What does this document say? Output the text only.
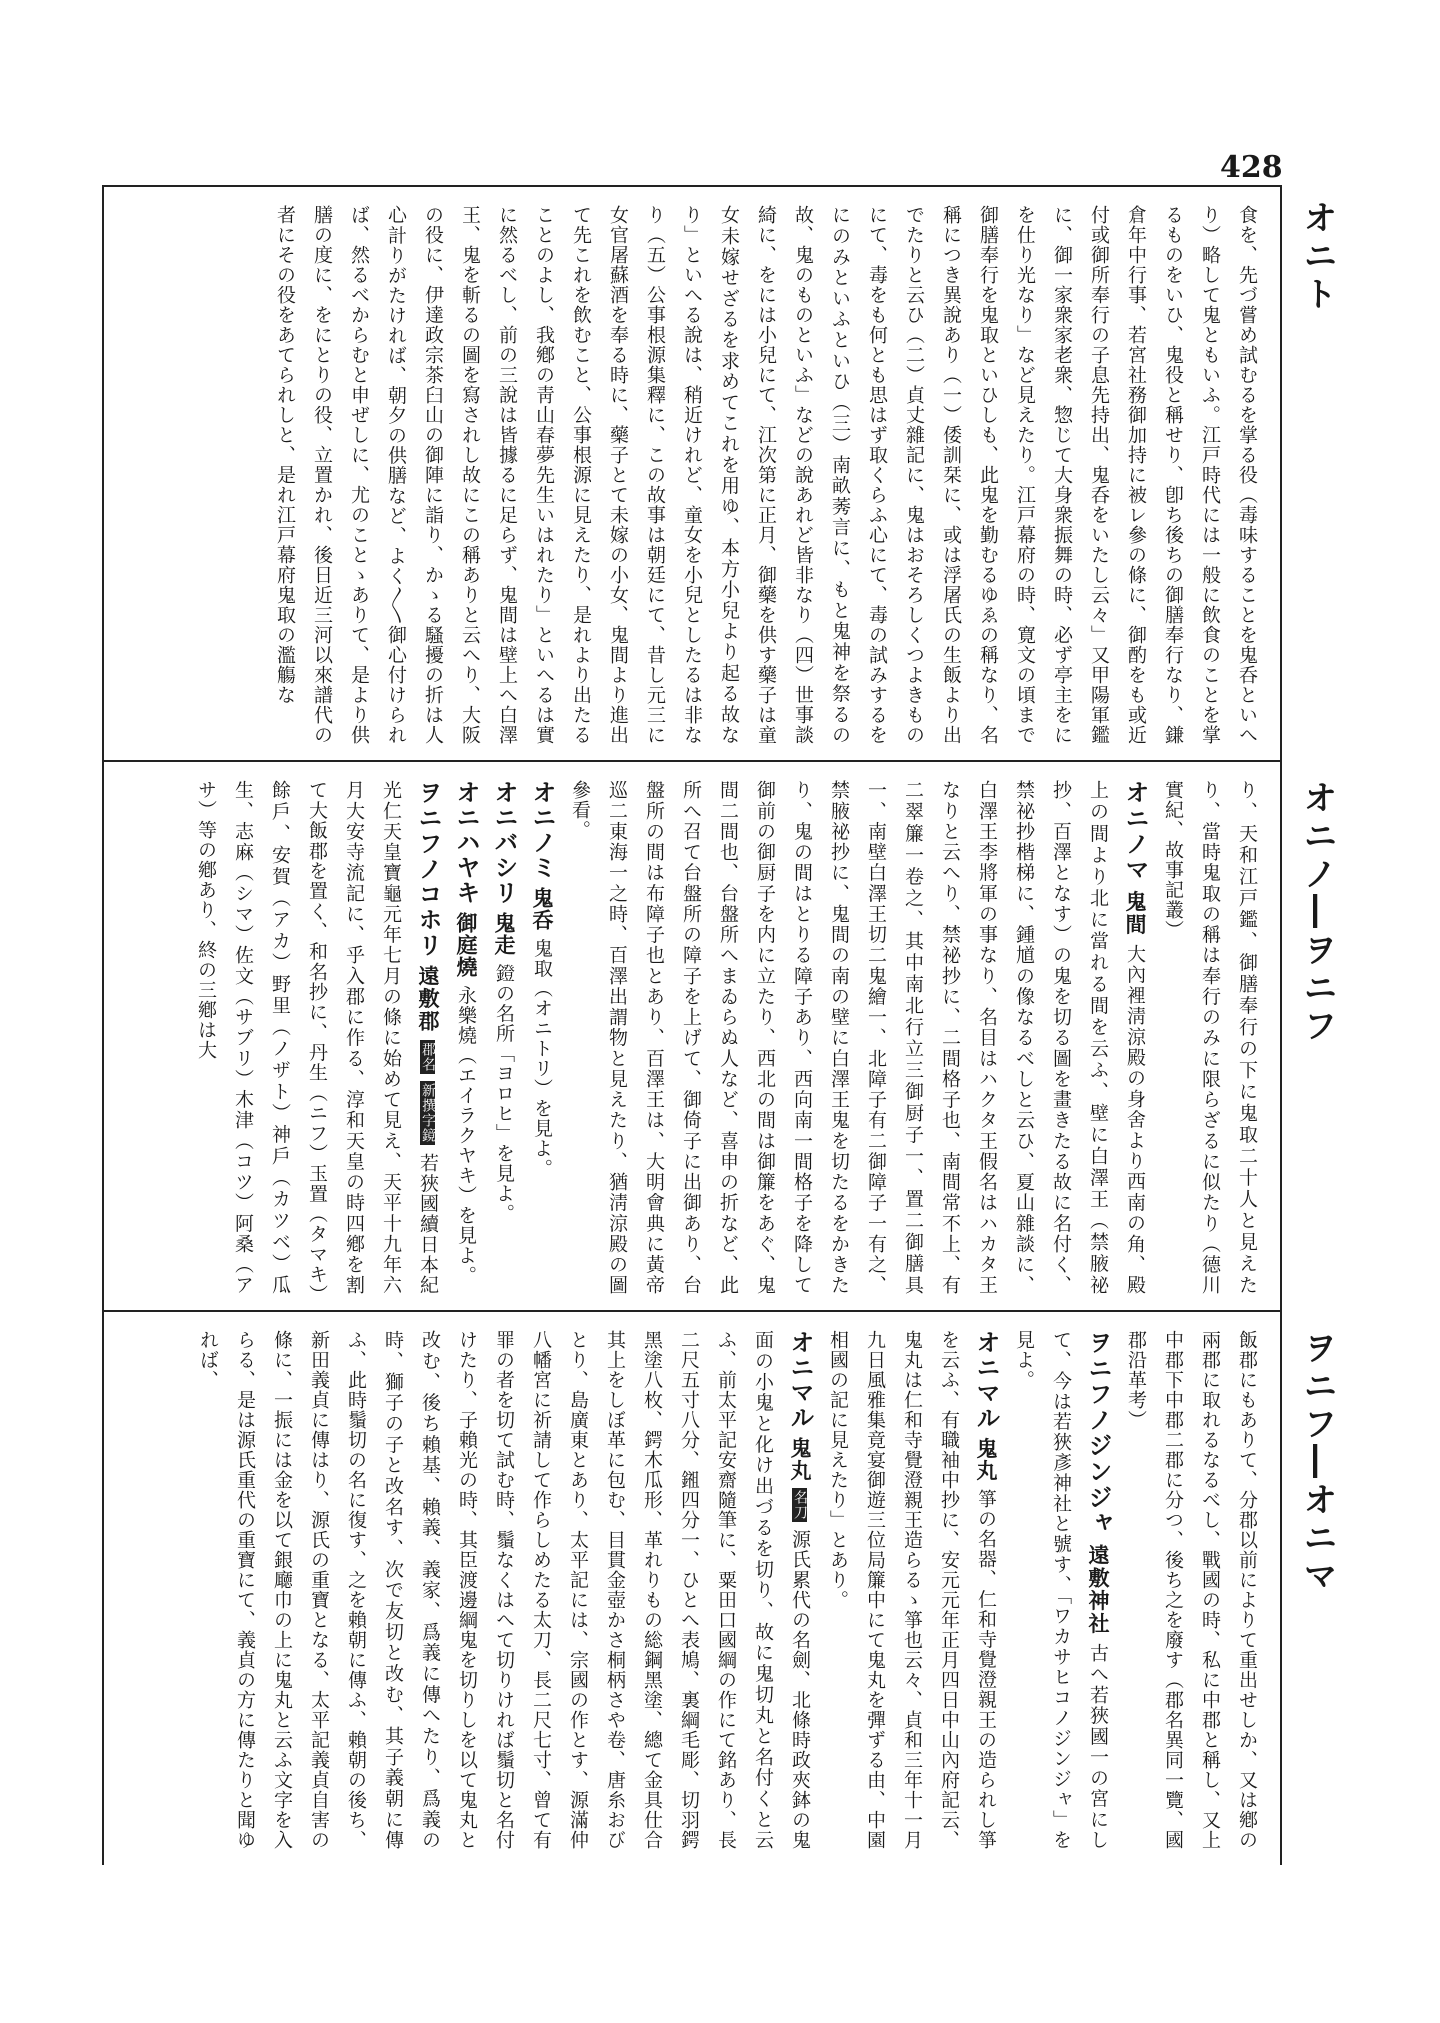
428
オニト
オニノ―ヲニフ
ヲニフ―オニマ

食を、先づ嘗め試むるを掌る役（毒味することを鬼呑といへり）略して鬼ともいふ。江戸時代には一般に飲食のことを掌るものをいひ、鬼役と稱せり、卽ち後ちの御膳奉行なり、鎌倉年中行事、若宮社務御加持に被レ參の條に、御酌をも或近付或御所奉行の子息先持出、鬼呑をいたし云々」又甲陽軍鑑に、御一家衆家老衆、惣じて大身衆振舞の時、必ず亭主をにを仕り光なり」など見えたり。江戸幕府の時、寛文の頃まで御膳奉行を鬼取といひしも、此鬼を勤むるゆゑの稱なり、名稱につき異說あり（一）倭訓栞に、或は浮屠氏の生飯より出でたりと云ひ（二）貞丈雜記に、鬼はおそろしくつよきものにて、毒をも何とも思はず取くらふ心にて、毒の試みするをにのみといふといひ（三）南畝莠言に、もと鬼神を祭るの故、鬼のものといふ」などの說あれど皆非なり（四）世事談綺に、をには小兒にて、江次第に正月、御藥を供す藥子は童女未嫁せざるを求めてこれを用ゆ、本方小兒より起る故なり」といへる說は、稍近けれど、童女を小兒としたるは非なり（五）公事根源集釋に、この故事は朝廷にて、昔し元三に女官屠蘇酒を奉る時に、藥子とて未嫁の小女、鬼間より進出て先これを飲むこと、公事根源に見えたり、是れより出たることのよし、我鄕の靑山春夢先生いはれたり」といへるは實に然るべし、前の三說は皆據るに足らず、鬼間は壁上へ白澤王、鬼を斬るの圖を寫されし故にこの稱ありと云へり、大阪の役に、伊達政宗茶臼山の御陣に詣り、かゝる騷擾の折は人心計りがたければ、朝夕の供膳など、よく〳〵御心付けられば、然るべからむと申ぜしに、尤のことゝありて、是より供膳の度に、をにとりの役、立置かれ、後日近三河以來譜代の者にその役をあてられしと、是れ江戸幕府鬼取の濫觴な

り、天和江戸鑑、御膳奉行の下に鬼取二十人と見えたり、當時鬼取の稱は奉行のみに限らざるに似たり（德川實紀、故事記叢）

オニノマ 鬼間 大內裡淸涼殿の身舍より西南の角、殿上の間より北に當れる間を云ふ、壁に白澤王（禁腋祕抄、百澤となす）の鬼を切る圖を畫きたる故に名付く、禁祕抄楷梯に、鍾馗の像なるべしと云ひ、夏山雜談に、白澤王李將軍の事なり、名目はハクタ王假名はハカタ王なりと云へり、禁祕抄に、二間格子也、南間常不上、有二翠簾一卷之、其中南北行立三御厨子一、置二御膳具一、南壁白澤王切二鬼繪一、北障子有二御障子一有之、禁腋祕抄に、鬼間の南の壁に白澤王鬼を切たるをかきたり、鬼の間はとりる障子あり、西向南一間格子を降して御前の御厨子を内に立たり、西北の間は御簾をあぐ、鬼間二間也、台盤所へまゐらぬ人など、喜申の折など、此所へ召て台盤所の障子を上げて、御倚子に出御あり、台盤所の間は布障子也とあり、百澤王は、大明會典に黃帝巡二東海一之時、百澤出謂物と見えたり、猶淸涼殿の圖參看。

オニノミ 鬼呑 鬼取（オニトリ）を見よ。

オニバシリ 鬼走 鐙の名所「ヨロヒ」を見よ。

オニハヤキ 御庭燒 永樂燒（エイラクヤキ）を見よ。

ヲニフノコホリ 遠敷郡 郡名 新撰字鏡 若狹國續日本紀光仁天皇寶龜元年七月の條に始めて見え、天平十九年六月大安寺流記に、乎入郡に作る、淳和天皇の時四鄕を割て大飯郡を置く、和名抄に、丹生（ニフ）玉置（タマキ）餘戶、安賀（アカ）野里（ノザト）神戶（カツベ）瓜生、志麻（シマ）佐文（サブリ）木津（コツ）阿桑（アサ）等の鄕あり、終の三鄕は大

飯郡にもありて、分郡以前によりて重出せしか、又は鄕の兩郡に取れるなるべし、戰國の時、私に中郡と稱し、又上中郡下中郡二郡に分つ、後ち之を廢す（郡名異同一覽、國郡沿革考）

ヲニフノジンジャ 遠敷神社 古へ若狹國一の宮にして、今は若狹彥神社と號す、「ワカサヒコノジンジャ」を見よ。

オニマル 鬼丸 箏の名器、仁和寺覺澄親王の造られし箏を云ふ、有職袖中抄に、安元元年正月四日中山內府記云、鬼丸は仁和寺覺澄親王造らるゝ箏也云々、貞和三年十一月九日風雅集竟宴御遊三位局簾中にて鬼丸を彈ずる由、中園相國の記に見えたり」とあり。

オニマル 鬼丸 名刀 源氏累代の名劍、北條時政夾鉢の鬼面の小鬼と化け出づるを切り、故に鬼切丸と名付くと云ふ、前太平記安齋隨筆に、粟田口國綱の作にて銘あり、長二尺五寸八分、鎺四分一、ひとへ表鳩、裏綱毛彫、切羽鍔黑塗八枚、鍔木瓜形、革れりもの総鋼黑塗、總て金具仕合其上をしぼ革に包む、目貫金壺かさ桐柄さや卷、唐糸おびとり、島廣東とあり、太平記には、宗國の作とす、源滿仲八幡宮に祈請して作らしめたる太刀、長二尺七寸、曾て有罪の者を切て試む時、鬚なくはへて切りければ鬚切と名付けたり、子賴光の時、其臣渡邊綱鬼を切りしを以て鬼丸と改む、後ち賴基、賴義、義家、爲義に傳へたり、爲義の時、獅子の子と改名す、次で友切と改む、其子義朝に傳ふ、此時鬚切の名に復す、之を賴朝に傳ふ、賴朝の後ち、新田義貞に傳はり、源氏の重寶となる、太平記義貞自害の條に、一振には金を以て銀廰巾の上に鬼丸と云ふ文字を入らる、是は源氏重代の重寶にて、義貞の方に傳たりと聞ゆれば、
